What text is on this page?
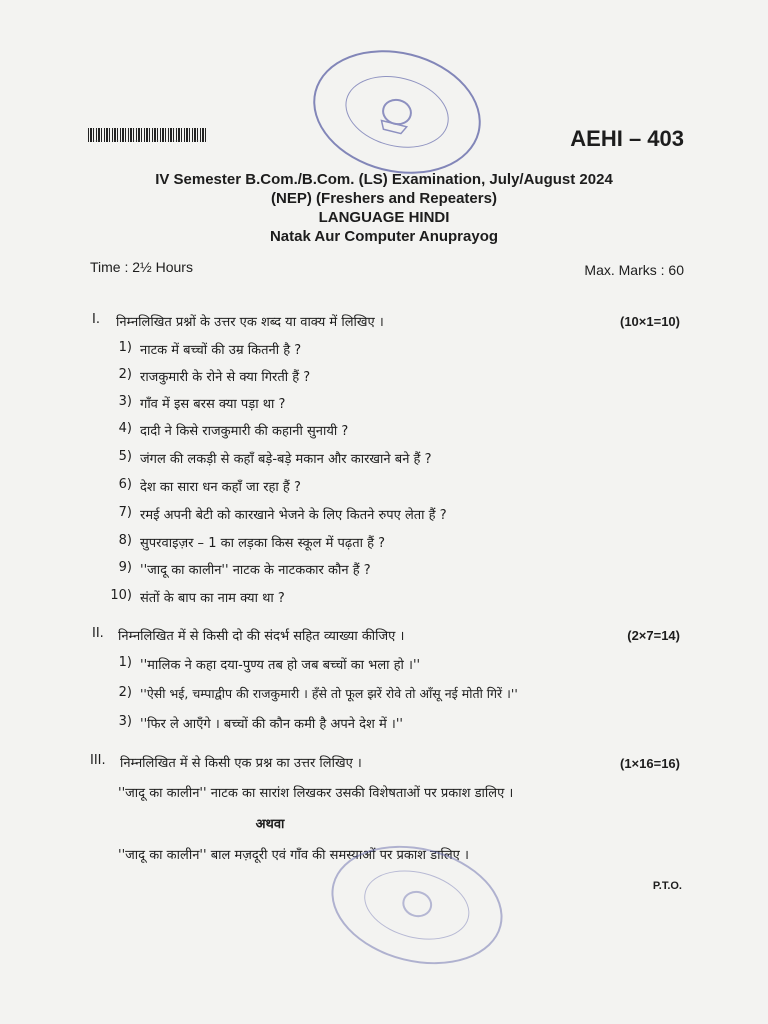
AEHI – 403
IV Semester B.Com./B.Com. (LS) Examination, July/August 2024
(NEP) (Freshers and Repeaters)
LANGUAGE HINDI
Natak Aur Computer Anuprayog
Time : 2½ Hours	Max. Marks : 60
I. निम्नलिखित प्रश्नों के उत्तर एक शब्द या वाक्य में लिखिए ।	(10×1=10)
1) नाटक में बच्चों की उम्र कितनी है ?
2) राजकुमारी के रोने से क्या गिरती हैं ?
3) गाँव में इस बरस क्या पड़ा था ?
4) दादी ने किसे राजकुमारी की कहानी सुनायी ?
5) जंगल की लकड़ी से कहाँ बड़े-बड़े मकान और कारखाने बने हैं ?
6) देश का सारा धन कहाँ जा रहा हैं ?
7) रमई अपनी बेटी को कारखाने भेजने के लिए कितने रुपए लेता हैं ?
8) सुपरवाइज़र – 1 का लड़का किस स्कूल में पढ़ता हैं ?
9) ''जादू का कालीन'' नाटक के नाटककार कौन हैं ?
10) संतों के बाप का नाम क्या था ?
II. निम्नलिखित में से किसी दो की संदर्भ सहित व्याख्या कीजिए ।	(2×7=14)
1) ''मालिक ने कहा दया-पुण्य तब हो जब बच्चों का भला हो ।''
2) ''ऐसी भई, चम्पाद्वीप की राजकुमारी । हँसे तो फूल झरें रोवे तो आँसू नई मोती गिरें ।''
3) ''फिर ले आएँगे । बच्चों की कौन कमी है अपने देश में ।''
III. निम्नलिखित में से किसी एक प्रश्न का उत्तर लिखिए ।	(1×16=16)
''जादू का कालीन'' नाटक का सारांश लिखकर उसकी विशेषताओं पर प्रकाश डालिए ।
अथवा
''जादू का कालीन'' बाल मज़दूरी एवं गाँव की समस्याओं पर प्रकाश डालिए ।
P.T.O.
